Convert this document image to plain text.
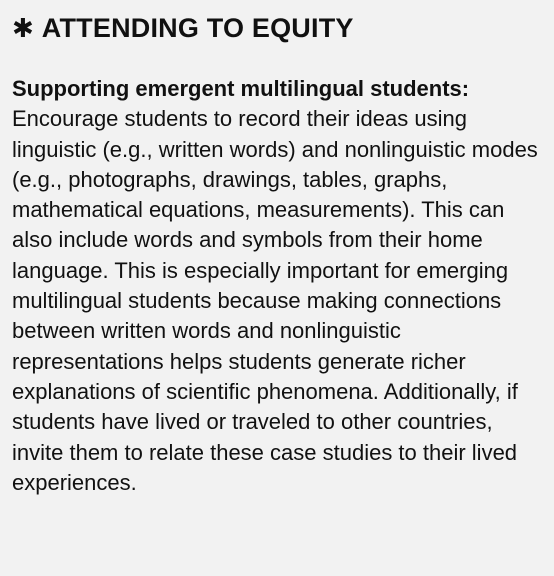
✱ ATTENDING TO EQUITY

Supporting emergent multilingual students: Encourage students to record their ideas using linguistic (e.g., written words) and nonlinguistic modes (e.g., photographs, drawings, tables, graphs, mathematical equations, measurements). This can also include words and symbols from their home language. This is especially important for emerging multilingual students because making connections between written words and nonlinguistic representations helps students generate richer explanations of scientific phenomena. Additionally, if students have lived or traveled to other countries, invite them to relate these case studies to their lived experiences.
